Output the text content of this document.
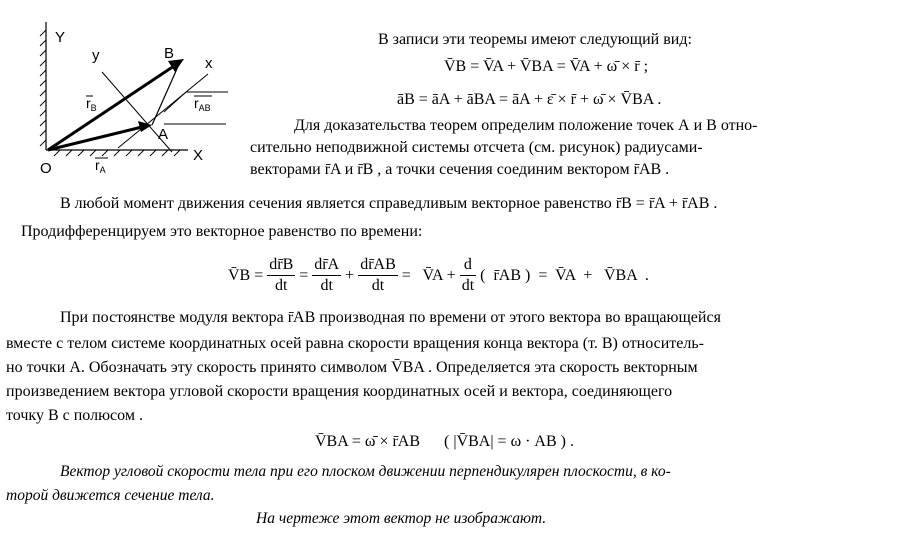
Y
X
y	x
B
A
O
$r_B$
$r_A$
$r_{AB}$
В записи эти теоремы имеют следующий вид:
V̄B = V̄A + V̄BA = V̄A + ω̄ × r̄ ;
āB = āA + āBA = āA + ε̄ × r̄ + ω̄ × V̄BA .
Для доказательства теорем определим положение точек А и В отно-
сительно неподвижной системы отсчета (см. рисунок) радиусами-
векторами r̄A и r̄B , а точки сечения соединим вектором r̄AB .
В любой момент движения сечения является справедливым векторное равенство r̄B = r̄A + r̄AB .
Продифференцируем это векторное равенство по времени:
V̄B = $\frac{dr̄B}{dt} = \frac{dr̄A}{dt} + \frac{dr̄AB}{dt}$ =   V̄A + $\frac{d}{dt}$ (  r̄AB )  =  V̄A  +   V̄BA  .
При постоянстве модуля вектора r̄AB производная по времени от этого вектора во вращающейся
вместе с телом системе координатных осей равна скорости вращения конца вектора (т. В) относитель-
но точки А. Обозначать эту скорость принято символом V̄BA . Определяется эта скорость векторным
произведением вектора угловой скорости вращения координатных осей и вектора, соединяющего
точку В с полюсом .
V̄BA = ω̄ × r̄AB      ( |V̄BA| = ω · AB ) .
Вектор угловой скорости тела при его плоском движении перпендикулярен плоскости, в ко-
торой движется сечение тела.
На чертеже этот вектор не изображают.
